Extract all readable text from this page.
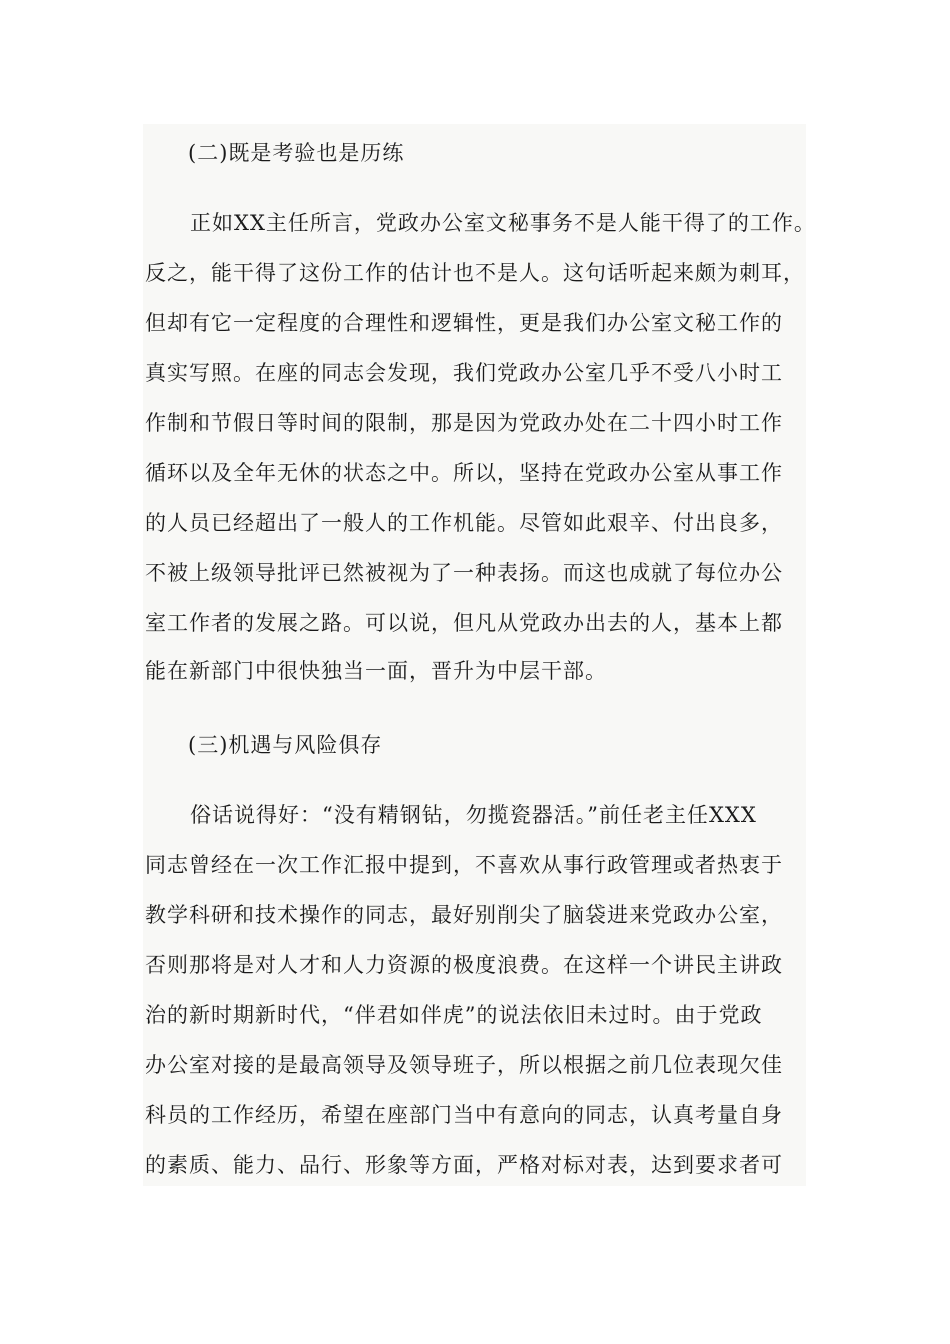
(二)既是考验也是历练
正如XX主任所言，党政办公室文秘事务不是人能干得了的工作。
反之，能干得了这份工作的估计也不是人。这句话听起来颇为刺耳，
但却有它一定程度的合理性和逻辑性，更是我们办公室文秘工作的
真实写照。在座的同志会发现，我们党政办公室几乎不受八小时工
作制和节假日等时间的限制，那是因为党政办处在二十四小时工作
循环以及全年无休的状态之中。所以，坚持在党政办公室从事工作
的人员已经超出了一般人的工作机能。尽管如此艰辛、付出良多，
不被上级领导批评已然被视为了一种表扬。而这也成就了每位办公
室工作者的发展之路。可以说，但凡从党政办出去的人，基本上都
能在新部门中很快独当一面，晋升为中层干部。
(三)机遇与风险俱存
俗话说得好：“没有精钢钻，勿揽瓷器活。”前任老主任XXX
同志曾经在一次工作汇报中提到，不喜欢从事行政管理或者热衷于
教学科研和技术操作的同志，最好别削尖了脑袋进来党政办公室，
否则那将是对人才和人力资源的极度浪费。在这样一个讲民主讲政
治的新时期新时代，“伴君如伴虎”的说法依旧未过时。由于党政
办公室对接的是最高领导及领导班子，所以根据之前几位表现欠佳
科员的工作经历，希望在座部门当中有意向的同志，认真考量自身
的素质、能力、品行、形象等方面，严格对标对表，达到要求者可
